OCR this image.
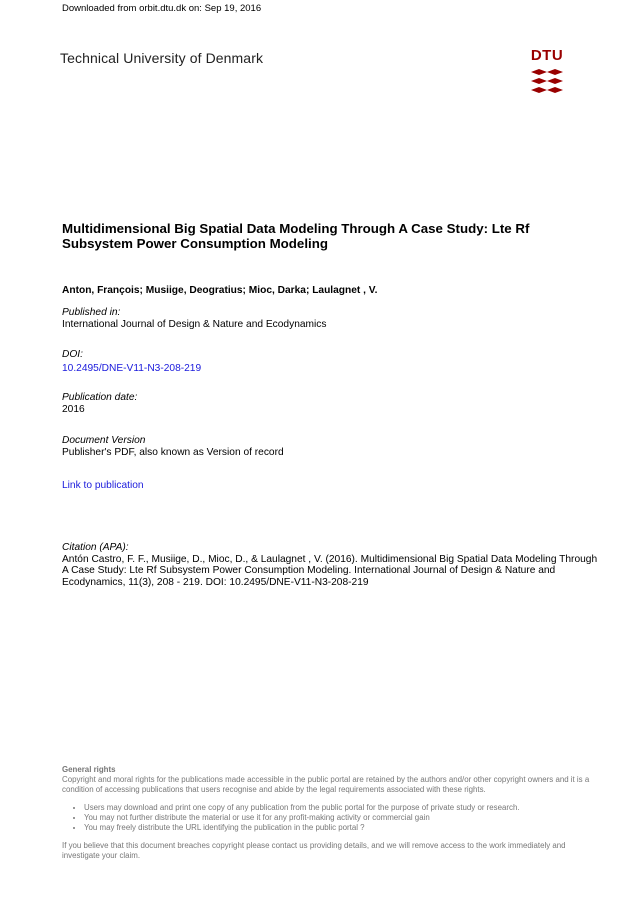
Downloaded from orbit.dtu.dk on: Sep 19, 2016
Technical University of Denmark	DTU
Multidimensional Big Spatial Data Modeling Through A Case Study: Lte Rf Subsystem Power Consumption Modeling
Anton, François; Musiige, Deogratius; Mioc, Darka; Laulagnet , V.
Published in:
International Journal of Design & Nature and Ecodynamics
DOI:
10.2495/DNE-V11-N3-208-219
Publication date:
2016
Document Version
Publisher's PDF, also known as Version of record
Link to publication
Citation (APA):
Antón Castro, F. F., Musiige, D., Mioc, D., & Laulagnet , V. (2016). Multidimensional Big Spatial Data Modeling Through A Case Study: Lte Rf Subsystem Power Consumption Modeling. International Journal of Design & Nature and Ecodynamics, 11(3), 208 - 219. DOI: 10.2495/DNE-V11-N3-208-219
General rights
Copyright and moral rights for the publications made accessible in the public portal are retained by the authors and/or other copyright owners and it is a condition of accessing publications that users recognise and abide by the legal requirements associated with these rights.
• Users may download and print one copy of any publication from the public portal for the purpose of private study or research.
• You may not further distribute the material or use it for any profit-making activity or commercial gain
• You may freely distribute the URL identifying the publication in the public portal ?
If you believe that this document breaches copyright please contact us providing details, and we will remove access to the work immediately and investigate your claim.
